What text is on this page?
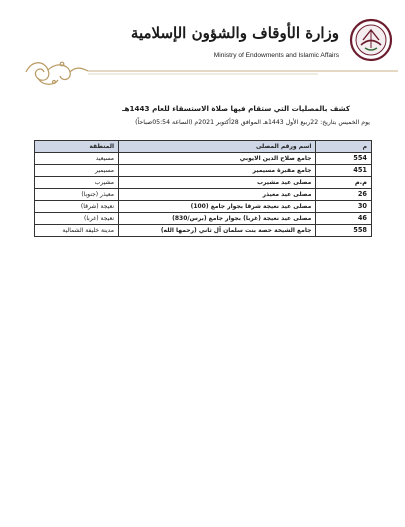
وزارة الأوقاف والشؤون الإسلامية
Ministry of Endowments and Islamic Affairs
كشف بالمصليات التي ستقام فيها صلاة الاستسقاء للعام 1443هـ
يوم الخميس بتاريخ: 22ربيع الأول 1443هـ الموافق 28أكتوبر 2021م (الساعة 05:54صباحاً)
م	اسم ورقم المصلى	المنطقة
554	جامع صلاح الدين الايوبي	مسيعيد
451	جامع مقبرة مسيمير	مسيمير
م.م	مصلى عيد مشيرب	مشيرب
26	مصلى عيد معيذر	معيذر (جنوبا)
30	مصلى عيد نعيجة شرقا بجوار جامع (100)	نعيجة (شرقا)
46	مصلى عيد نعيجة (غربا) بجوار جامع (برس/830)	نعيجة (غربا)
558	جامع الشيخة حصة بنت سلمان آل ثاني (رحمها الله)	مدينة خليفة الشمالية
